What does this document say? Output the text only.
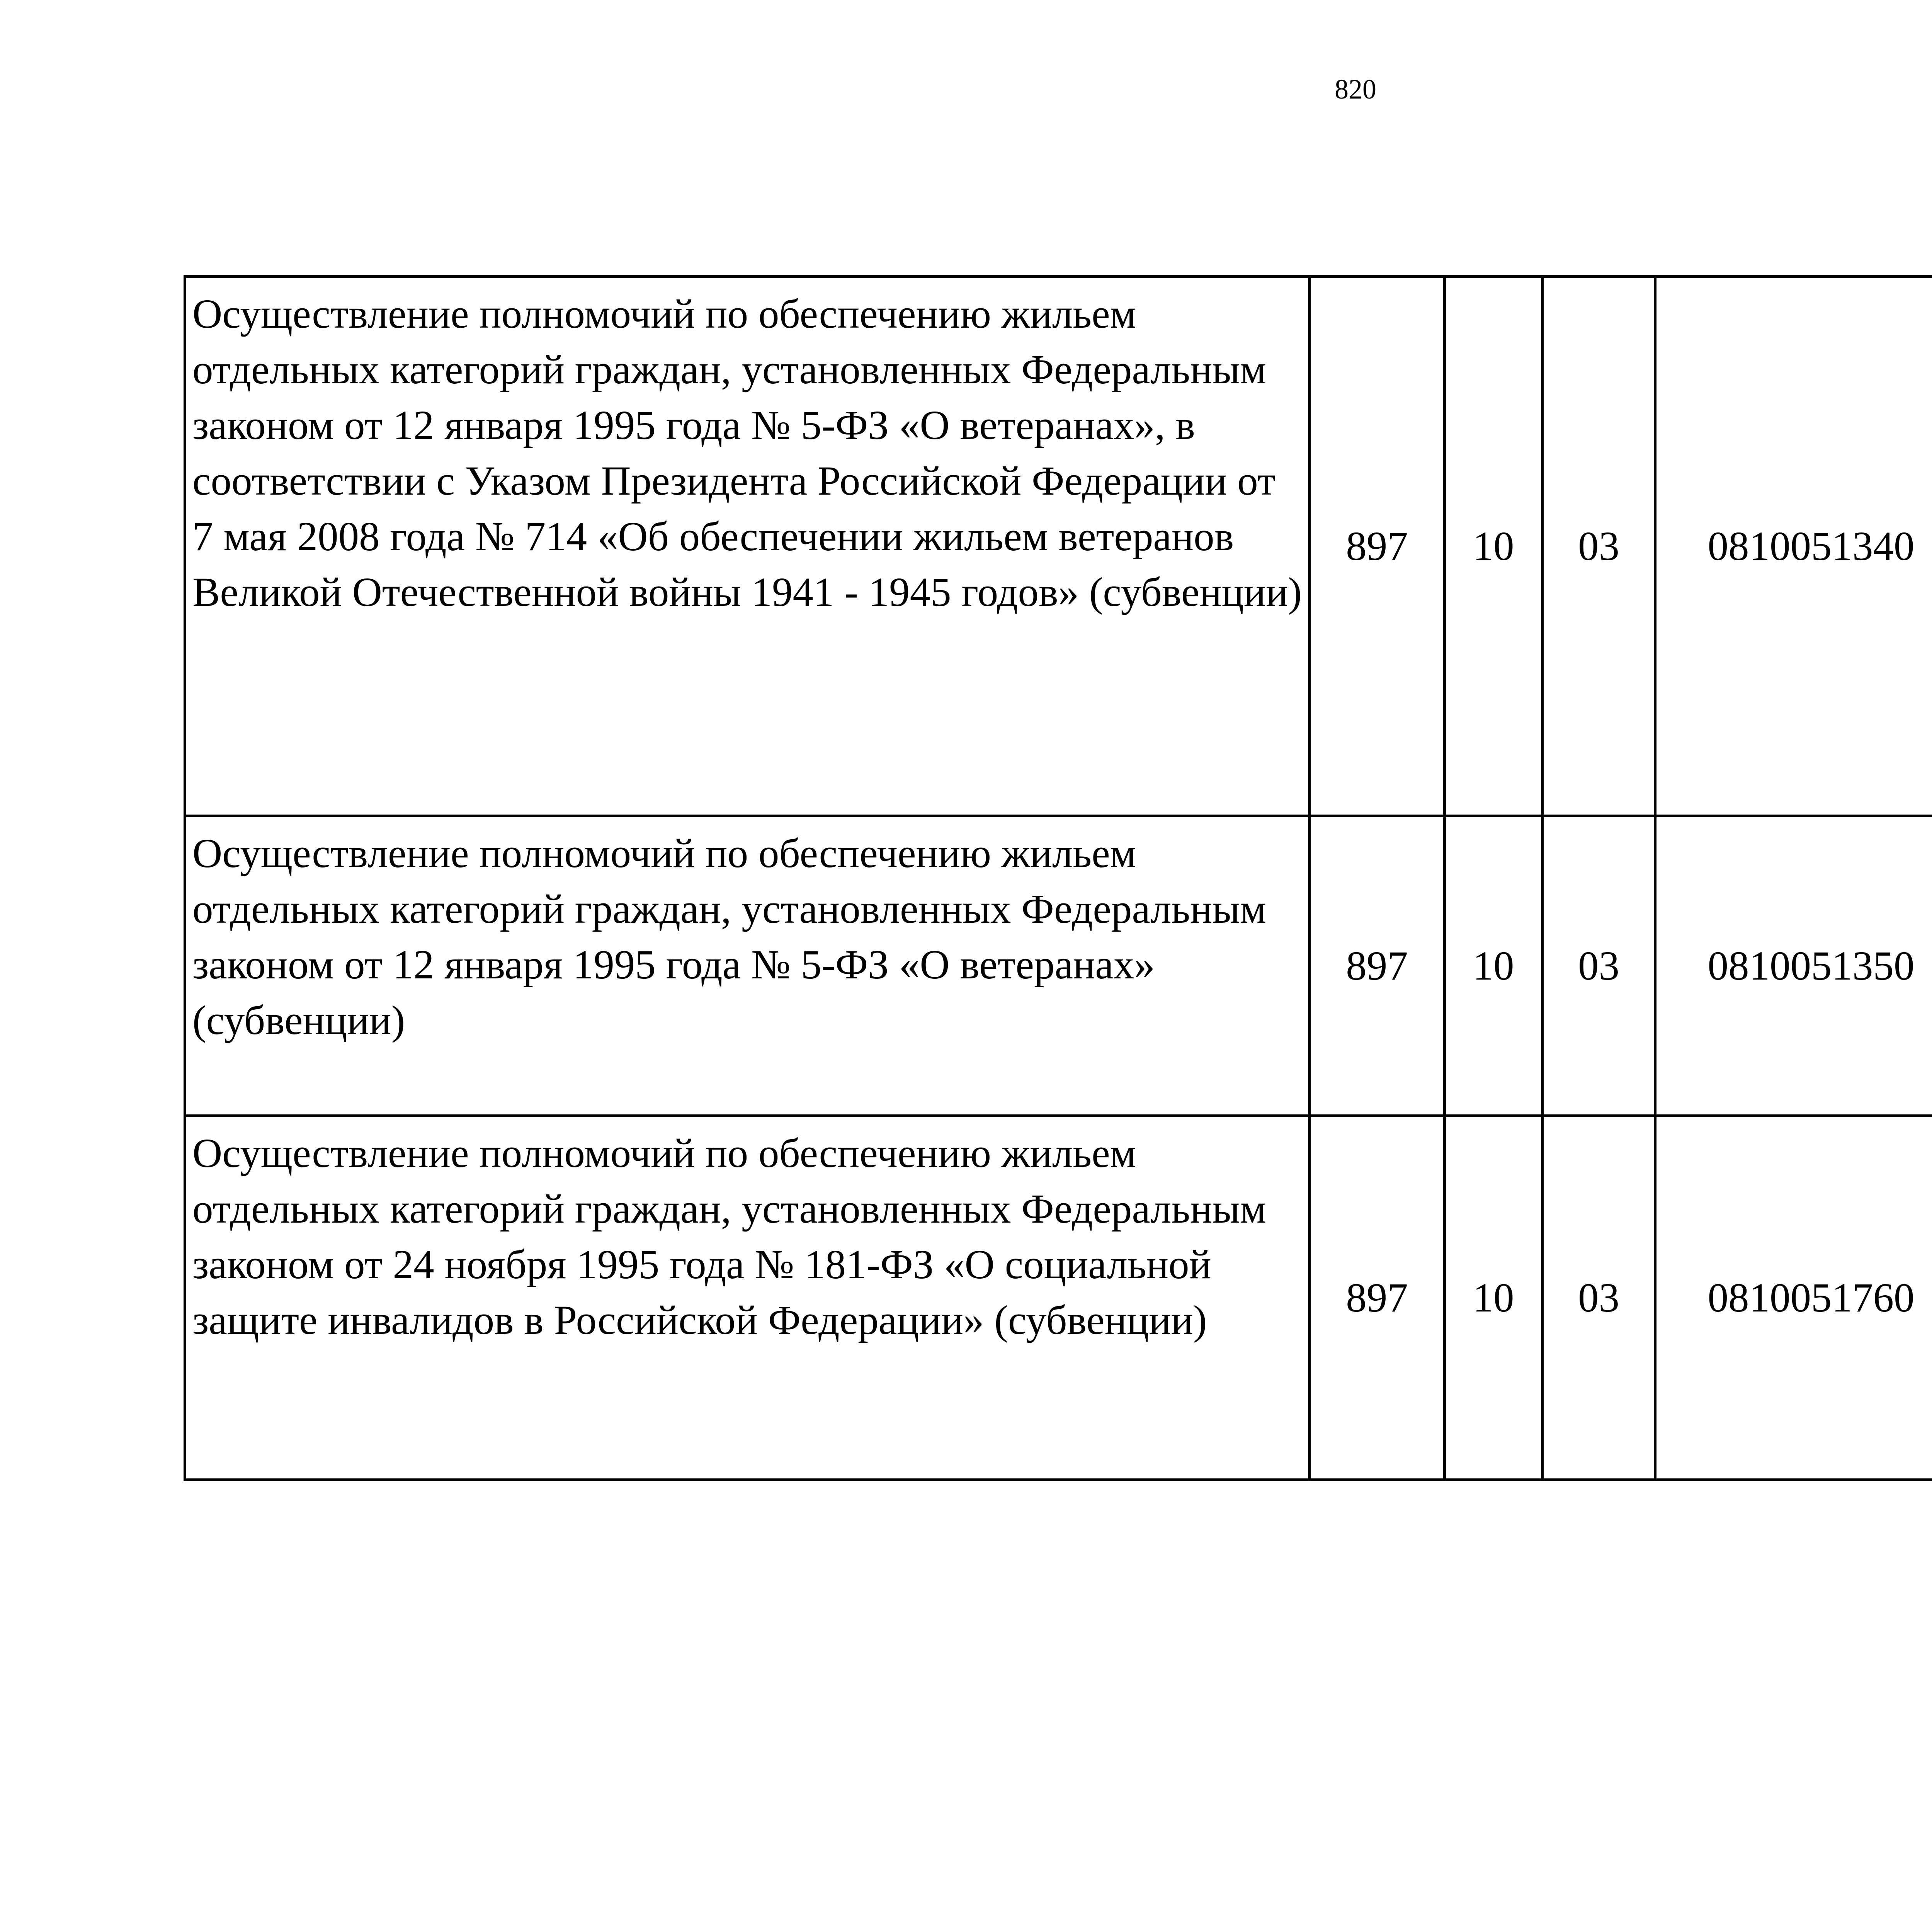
820
Осуществление полномочий по обеспечению жильем отдельных категорий граждан, установленных Федеральным законом от 12 января 1995 года № 5-ФЗ «О ветеранах», в соответствии с Указом Президента Российской Федерации от 7 мая 2008 года № 714 «Об обеспечении жильем ветеранов Великой Отечественной войны 1941 - 1945 годов» (субвенции)	897	10	03	0810051340		
Осуществление полномочий по обеспечению жильем отдельных категорий граждан, установленных Федеральным законом от 12 января 1995 года № 5-ФЗ «О ветеранах» (субвенции)	897	10	03	0810051350		
Осуществление полномочий по обеспечению жильем отдельных категорий граждан, установленных Федеральным законом от 24 ноября 1995 года № 181-ФЗ «О социальной защите инвалидов в Российской Федерации» (субвенции)	897	10	03	0810051760		
